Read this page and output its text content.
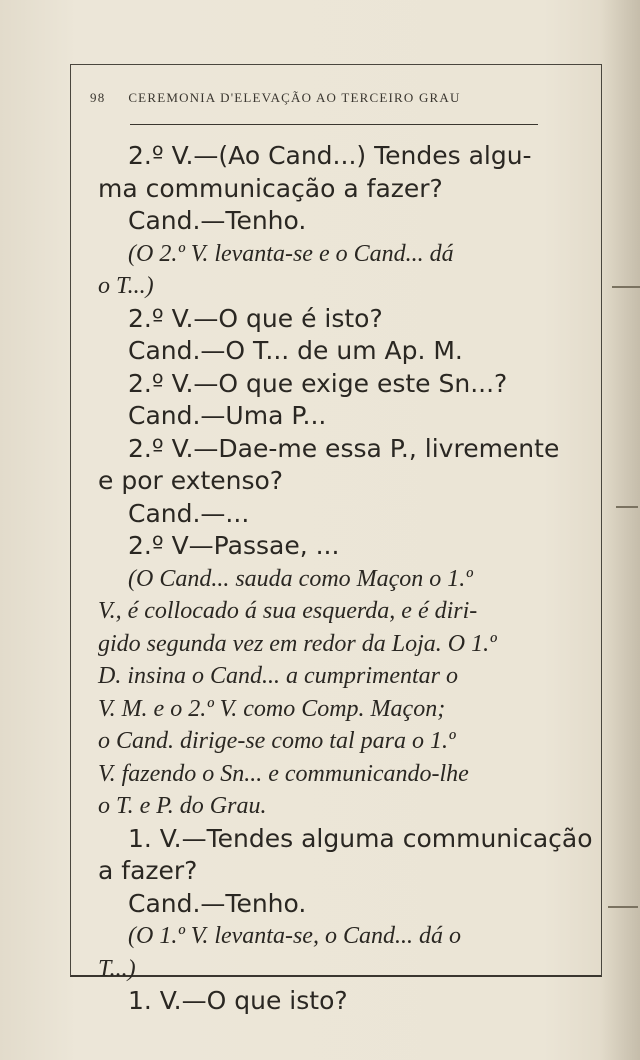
98 CEREMONIA D'ELEVAÇÃO AO TERCEIRO GRAU
2.º V.—(Ao Cand...) Tendes algu-
ma communicação a fazer?
Cand.—Tenho.
(O 2.º V. levanta-se e o Cand... dá
o T...)
2.º V.—O que é isto?
Cand.—O T... de um Ap. M.
2.º V.—O que exige este Sn...?
Cand.—Uma P...
2.º V.—Dae-me essa P., livremente
e por extenso?
Cand.—...
2.º V—Passae, ...
(O Cand... sauda como Maçon o 1.º
V., é collocado á sua esquerda, e é diri-
gido segunda vez em redor da Loja. O 1.º
D. insina o Cand... a cumprimentar o
V. M. e o 2.º V. como Comp. Maçon;
o Cand. dirige-se como tal para o 1.º
V. fazendo o Sn... e communicando-lhe
o T. e P. do Grau.
1. V.—Tendes alguma communicação
a fazer?
Cand.—Tenho.
(O 1.º V. levanta-se, o Cand... dá o
T...)
1. V.—O que isto?
